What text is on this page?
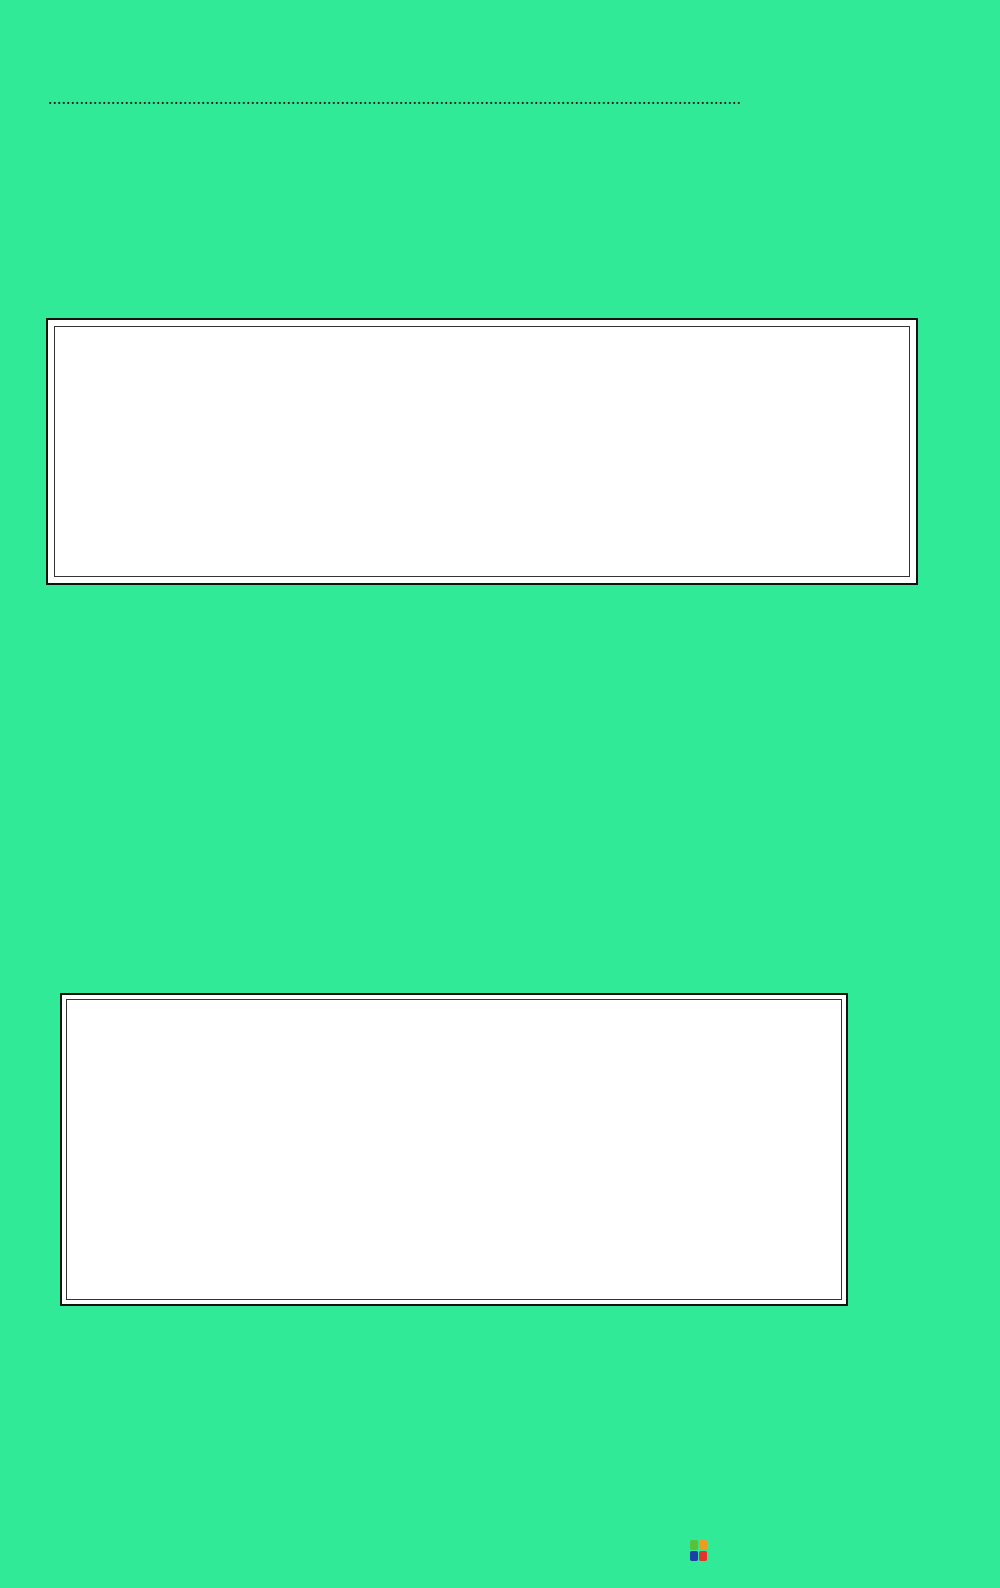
..........................................................................................................................................................
